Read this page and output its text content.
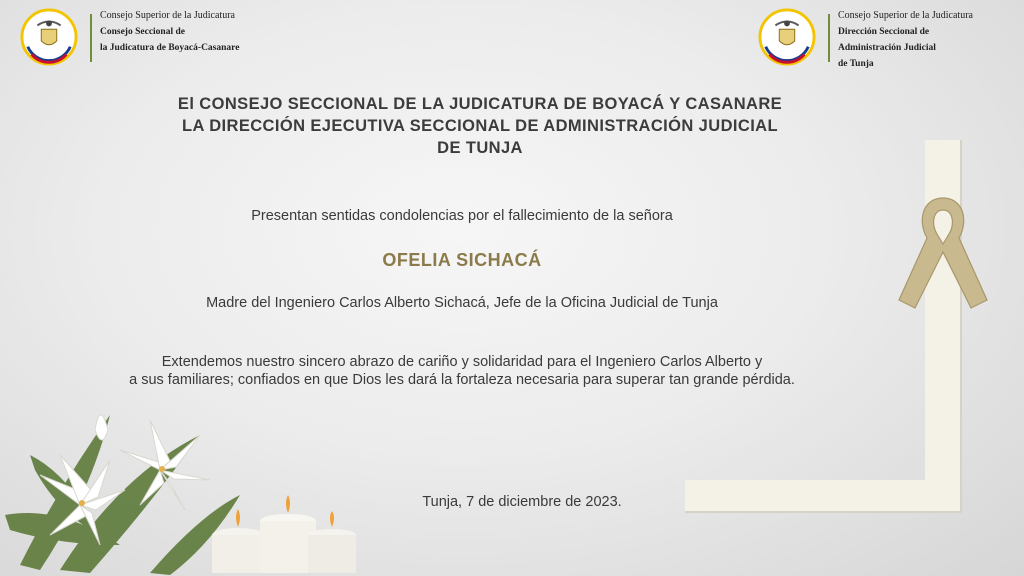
Consejo Superior de la Judicatura
Consejo Seccional de
la Judicatura de Boyacá-Casanare
Consejo Superior de la Judicatura
Dirección Seccional de
Administración Judicial
de Tunja
El CONSEJO SECCIONAL DE LA JUDICATURA DE BOYACÁ Y CASANARE
LA DIRECCIÓN EJECUTIVA SECCIONAL DE ADMINISTRACIÓN JUDICIAL
DE TUNJA
Presentan sentidas condolencias por el fallecimiento de la señora
OFELIA SICHACÁ
Madre del Ingeniero Carlos Alberto Sichacá, Jefe de la Oficina Judicial de Tunja
Extendemos nuestro sincero abrazo de cariño y solidaridad para el Ingeniero Carlos Alberto y
a sus familiares; confiados en que Dios les dará la fortaleza necesaria para superar tan grande pérdida.
Tunja, 7 de diciembre de 2023.
